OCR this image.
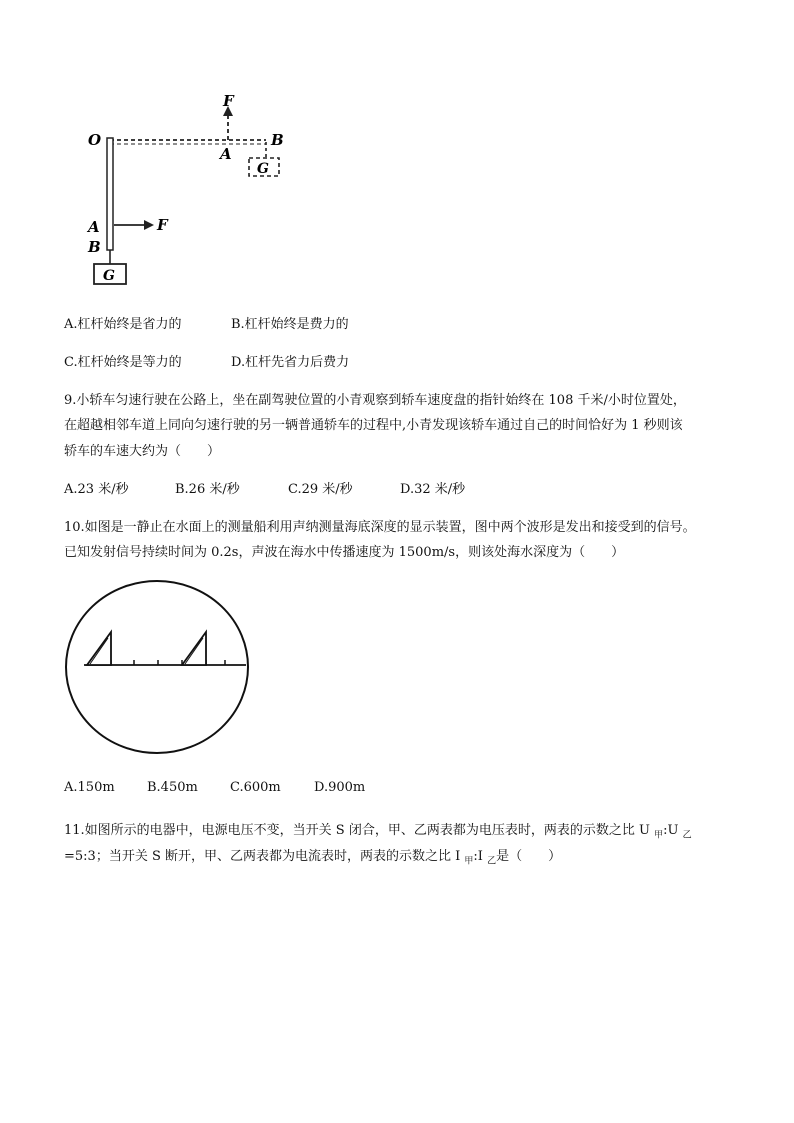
F
G
O	B
A
F
A
B
G
A.杠杆始终是省力的	B.杠杆始终是费力的
C.杠杆始终是等力的	D.杠杆先省力后费力
9.小轿车匀速行驶在公路上，坐在副驾驶位置的小青观察到轿车速度盘的指针始终在 108 千米/小时位置处，
在超越相邻车道上同向匀速行驶的另一辆普通轿车的过程中,小青发现该轿车通过自己的时间恰好为 1 秒则该
轿车的车速大约为（　　）
A.23 米/秒	B.26 米/秒	C.29 米/秒	D.32 米/秒
10.如图是一静止在水面上的测量船利用声纳测量海底深度的显示装置，图中两个波形是发出和接受到的信号。
已知发射信号持续时间为 0.2s，声波在海水中传播速度为 1500m/s，则该处海水深度为（　　）
A.150m B.450m C.600m	D.900m
11.如图所示的电器中，电源电压不变，当开关 S 闭合，甲、乙两表都为电压表时，两表的示数之比 U $_甲$:U $_乙$
=5:3；当开关 S 断开，甲、乙两表都为电流表时，两表的示数之比 I $_甲$:I $_乙$是（　　）
